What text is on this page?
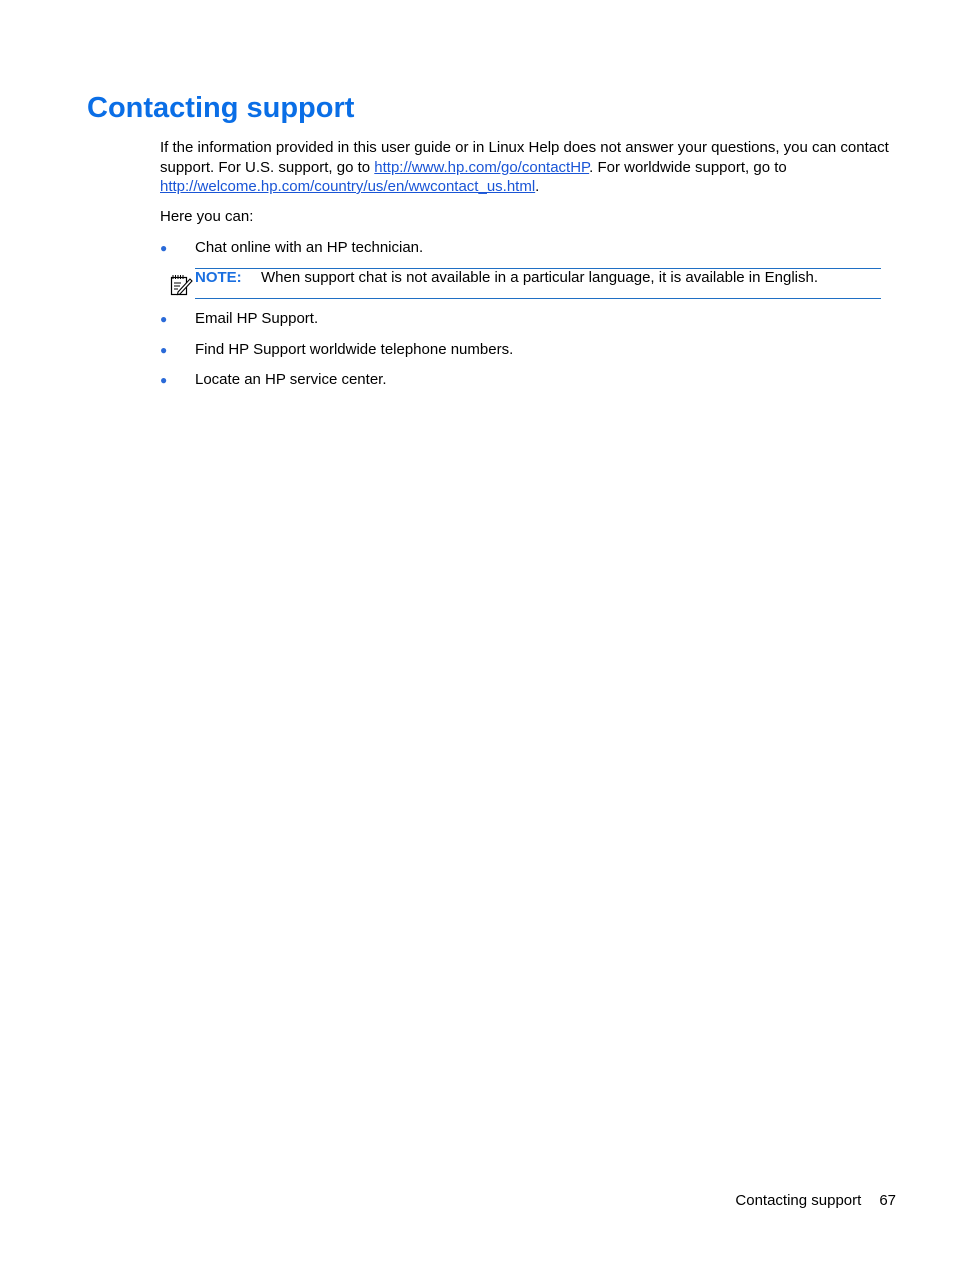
Contacting support

If the information provided in this user guide or in Linux Help does not answer your questions, you can contact support. For U.S. support, go to http://www.hp.com/go/contactHP. For worldwide support, go to http://welcome.hp.com/country/us/en/wwcontact_us.html.

Here you can:

● Chat online with an HP technician.
NOTE: When support chat is not available in a particular language, it is available in English.
● Email HP Support.
● Find HP Support worldwide telephone numbers.
● Locate an HP service center.
Contacting support 67
